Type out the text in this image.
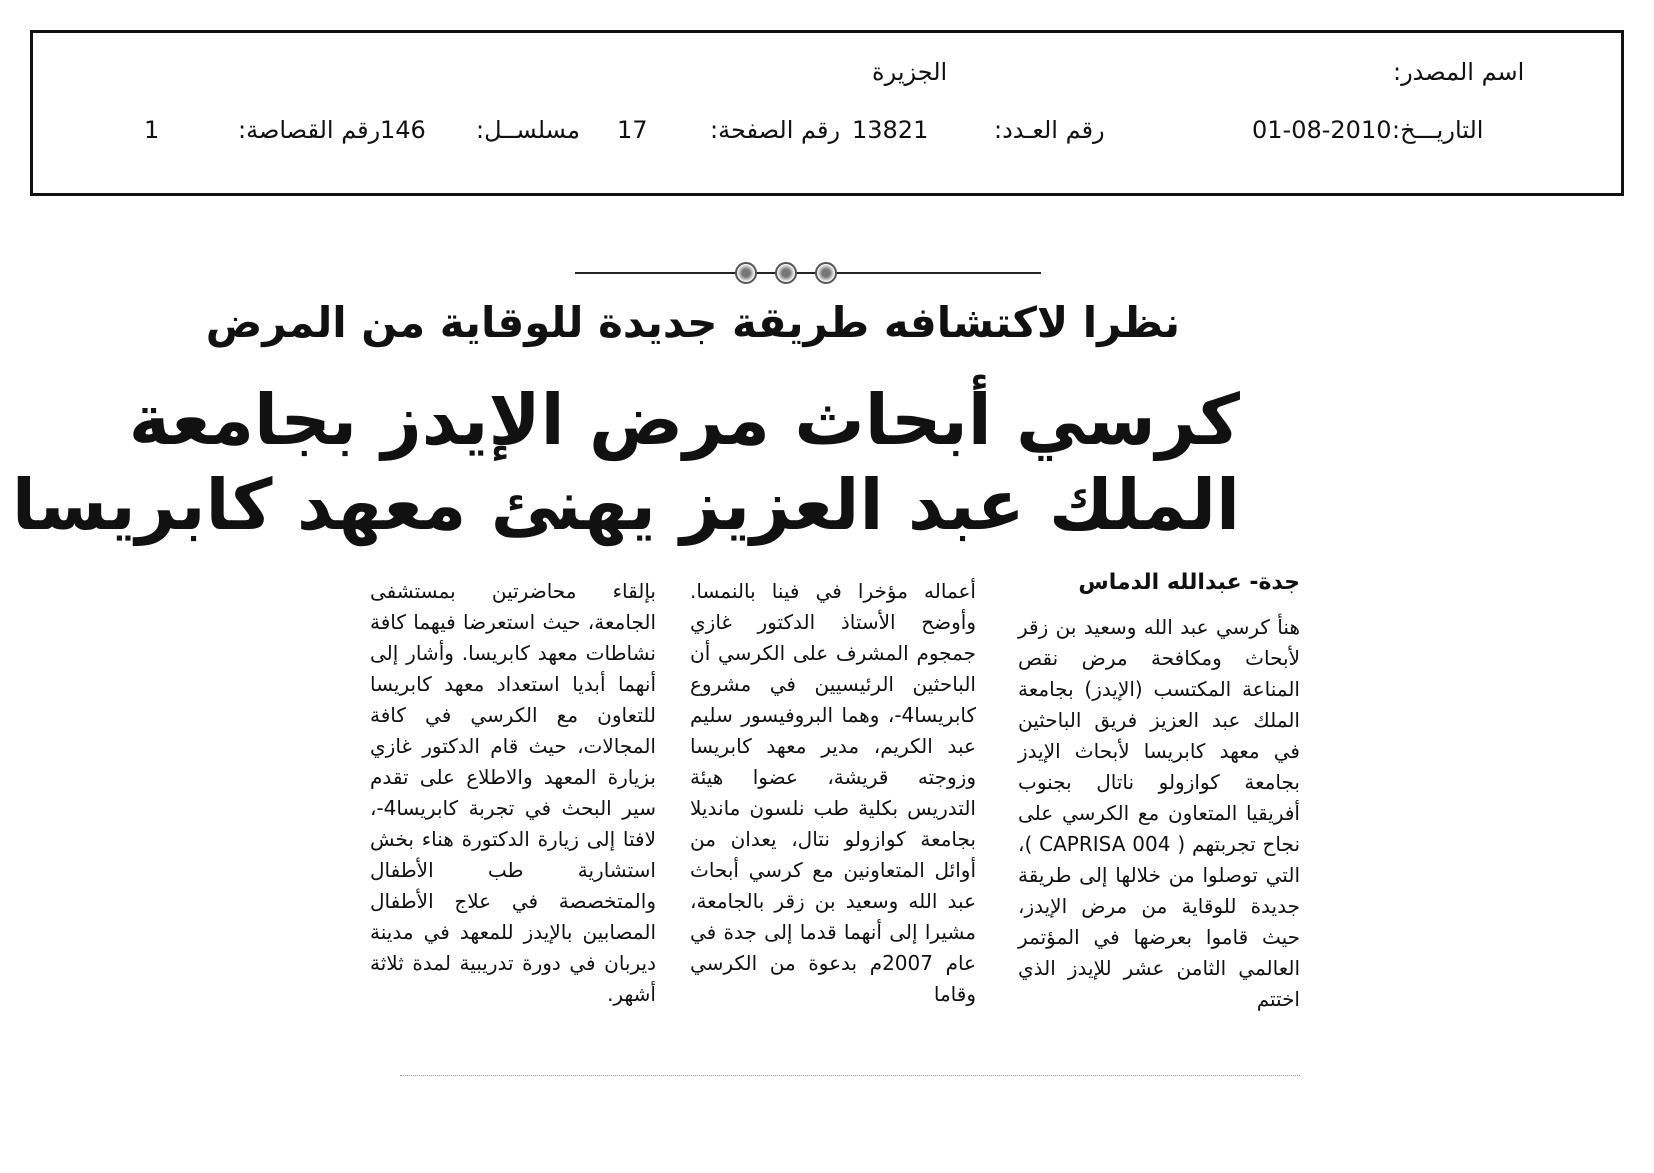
اسم المصدر:
الجزيرة
التاريـــخ:
01-08-2010
رقم العـدد:
13821
رقم الصفحة:
17
مسلســل:
146
رقم القصاصة:
1
نظرا لاكتشافه طريقة جديدة للوقاية من المرض
كرسي أبحاث مرض الإيدز بجامعة
الملك عبد العزيز يهنئ معهد كابريسا
جدة- عبدالله الدماس

هنأ كرسي عبد الله وسعيد بن زقر لأبحاث ومكافحة مرض نقص المناعة المكتسب (الإيدز) بجامعة الملك عبد العزيز فريق الباحثين في معهد كابريسا لأبحاث الإيدز بجامعة كوازولو ناتال بجنوب أفريقيا المتعاون مع الكرسي على نجاح تجربتهم ( CAPRISA 004 )، التي توصلوا من خلالها إلى طريقة جديدة للوقاية من مرض الإيدز، حيث قاموا بعرضها في المؤتمر العالمي الثامن عشر للإيدز الذي اختتم

أعماله مؤخرا في فينا بالنمسا. وأوضح الأستاذ الدكتور غازي جمجوم المشرف على الكرسي أن الباحثين الرئيسيين في مشروع كابريسا4-، وهما البروفيسور سليم عبد الكريم، مدير معهد كابريسا وزوجته قريشة، عضوا هيئة التدريس بكلية طب نلسون مانديلا بجامعة كوازولو نتال، يعدان من أوائل المتعاونين مع كرسي أبحاث عبد الله وسعيد بن زقر بالجامعة، مشيرا إلى أنهما قدما إلى جدة في عام 2007م بدعوة من الكرسي وقاما

بإلقاء محاضرتين بمستشفى الجامعة، حيث استعرضا فيهما كافة نشاطات معهد كابريسا. وأشار إلى أنهما أبديا استعداد معهد كابريسا للتعاون مع الكرسي في كافة المجالات، حيث قام الدكتور غازي بزيارة المعهد والاطلاع على تقدم سير البحث في تجربة كابريسا4-، لافتا إلى زيارة الدكتورة هناء بخش استشارية طب الأطفال والمتخصصة في علاج الأطفال المصابين بالإيدز للمعهد في مدينة ديربان في دورة تدريبية لمدة ثلاثة أشهر.
